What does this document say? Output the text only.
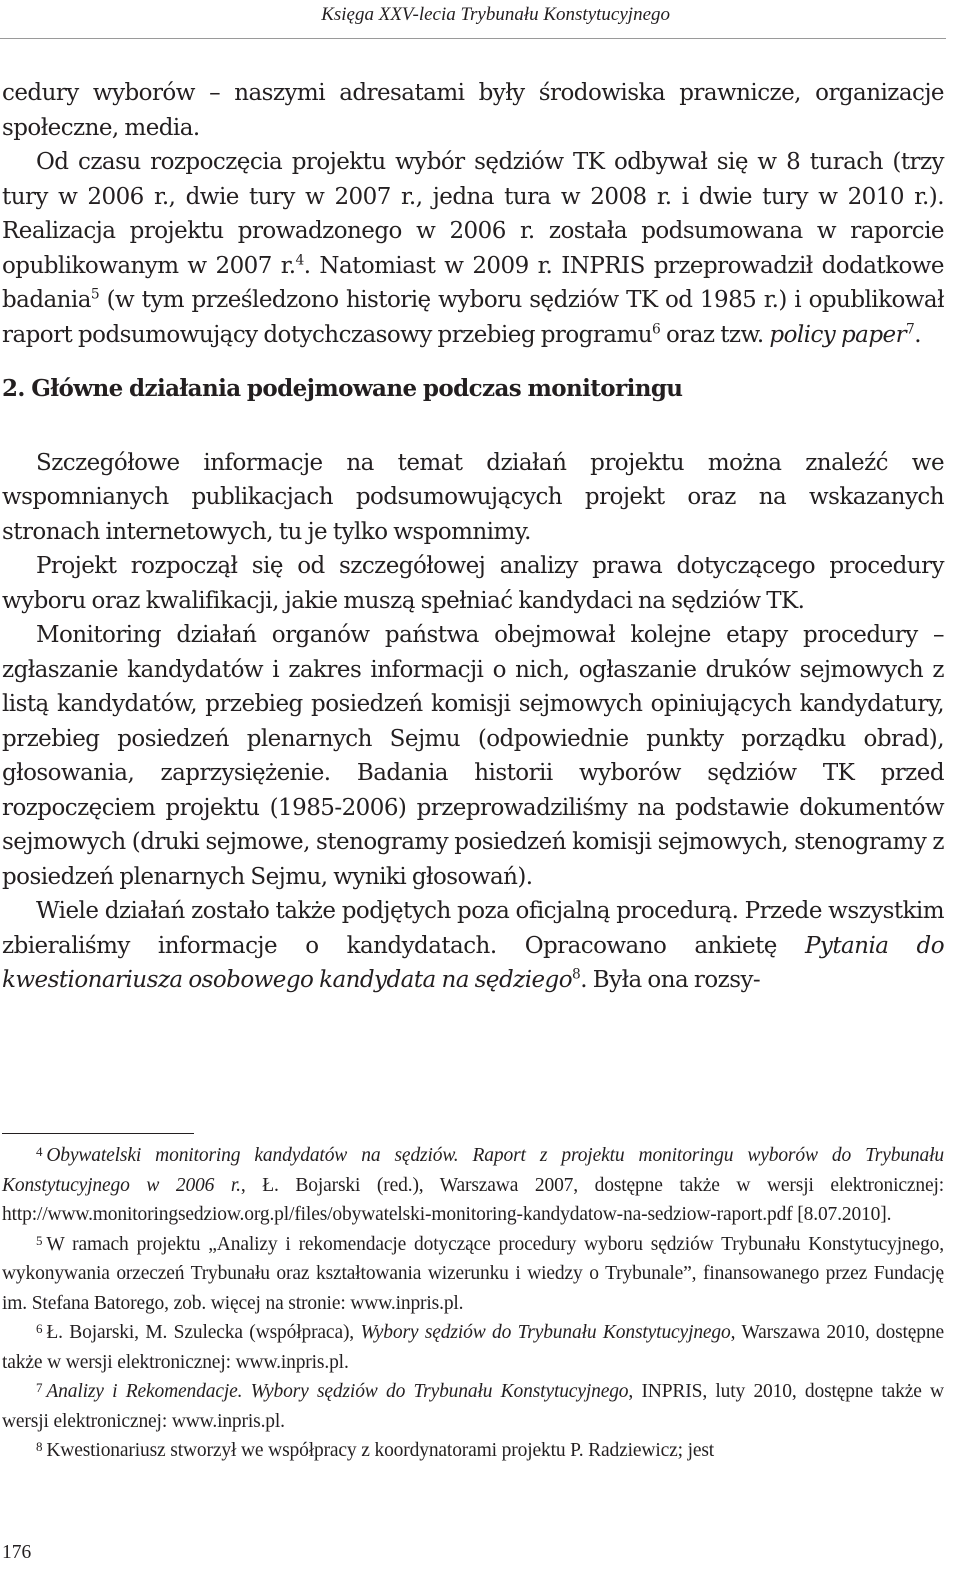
Księga XXV-lecia Trybunału Konstytucyjnego

cedury wyborów – naszymi adresatami były środowiska prawnicze, organizacje społeczne, media.

Od czasu rozpoczęcia projektu wybór sędziów TK odbywał się w 8 turach (trzy tury w 2006 r., dwie tury w 2007 r., jedna tura w 2008 r. i dwie tury w 2010 r.). Realizacja projektu prowadzonego w 2006 r. została podsumowana w raporcie opublikowanym w 2007 r.$^4$. Natomiast w 2009 r. INPRIS przeprowadził dodatkowe badania$^5$ (w tym prześledzono historię wyboru sędziów TK od 1985 r.) i opublikował raport podsumowujący dotychczasowy przebieg programu$^6$ oraz tzw. policy paper$^7$.

2. Główne działania podejmowane podczas monitoringu

Szczegółowe informacje na temat działań projektu można znaleźć we wspomnianych publikacjach podsumowujących projekt oraz na wskazanych stronach internetowych, tu je tylko wspomnimy.

Projekt rozpoczął się od szczegółowej analizy prawa dotyczącego procedury wyboru oraz kwalifikacji, jakie muszą spełniać kandydaci na sędziów TK.

Monitoring działań organów państwa obejmował kolejne etapy procedury – zgłaszanie kandydatów i zakres informacji o nich, ogłaszanie druków sejmowych z listą kandydatów, przebieg posiedzeń komisji sejmowych opiniujących kandydatury, przebieg posiedzeń plenarnych Sejmu (odpowiednie punkty porządku obrad), głosowania, zaprzysiężenie. Badania historii wyborów sędziów TK przed rozpoczęciem projektu (1985-2006) przeprowadziliśmy na podstawie dokumentów sejmowych (druki sejmowe, stenogramy posiedzeń komisji sejmowych, stenogramy z posiedzeń plenarnych Sejmu, wyniki głosowań).

Wiele działań zostało także podjętych poza oficjalną procedurą. Przede wszystkim zbieraliśmy informacje o kandydatach. Opracowano ankietę Pytania do kwestionariusza osobowego kandydata na sędziego$^8$. Była ona rozsy-

$^4$ Obywatelski monitoring kandydatów na sędziów. Raport z projektu monitoringu wyborów do Trybunału Konstytucyjnego w 2006 r., Ł. Bojarski (red.), Warszawa 2007, dostępne także w wersji elektronicznej: http://www.monitoringsedziow.org.pl/files/obywatelski-monitoring-kandydatow-na-sedziow-raport.pdf [8.07.2010].

$^5$ W ramach projektu „Analizy i rekomendacje dotyczące procedury wyboru sędziów Trybunału Konstytucyjnego, wykonywania orzeczeń Trybunału oraz kształtowania wizerunku i wiedzy o Trybunale”, finansowanego przez Fundację im. Stefana Batorego, zob. więcej na stronie: www.inpris.pl.

$^6$ Ł. Bojarski, M. Szulecka (współpraca), Wybory sędziów do Trybunału Konstytucyjnego, Warszawa 2010, dostępne także w wersji elektronicznej: www.inpris.pl.

$^7$ Analizy i Rekomendacje. Wybory sędziów do Trybunału Konstytucyjnego, INPRIS, luty 2010, dostępne także w wersji elektronicznej: www.inpris.pl.

$^8$ Kwestionariusz stworzył we współpracy z koordynatorami projektu P. Radziewicz; jest

176
